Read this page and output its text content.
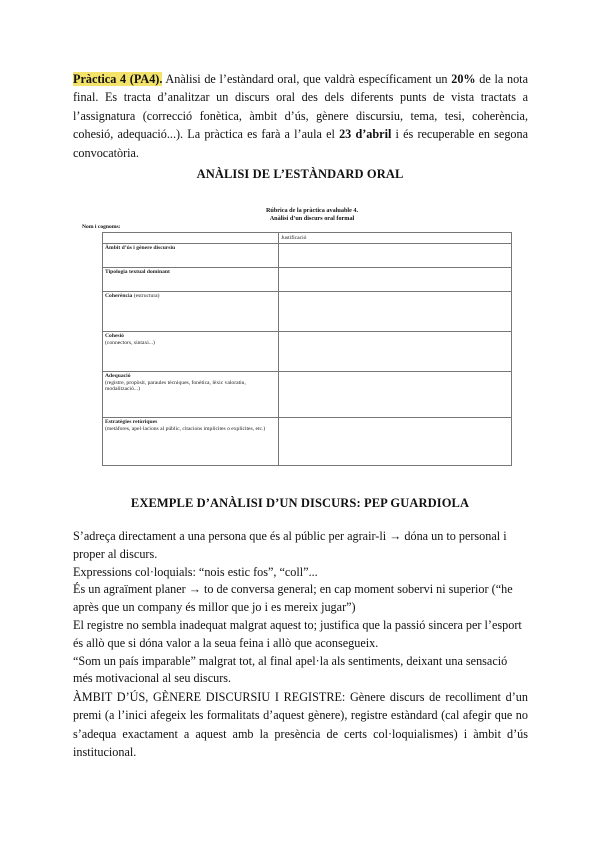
Pràctica 4 (PA4). Anàlisi de l’estàndard oral, que valdrà específicament un 20% de la nota final. Es tracta d’analitzar un discurs oral des dels diferents punts de vista tractats a l’assignatura (correcció fonètica, àmbit d’ús, gènere discursiu, tema, tesi, coherència, cohesió, adequació...). La pràctica es farà a l’aula el 23 d’abril i és recuperable en segona convocatòria.
ANÀLISI DE L’ESTÀNDARD ORAL
Rúbrica de la pràctica avaluable 4.
Anàlisi d’un discurs oral formal
Nom i cognoms:
	Justificació

Àmbit d’ús i gènere discursiu	

Tipologia textual dominant	

Coherència (estructura)	

Cohesió
(connectors, sintaxi...)	

Adequació
(registre, propòsit, paraules tècniques, fonètica, lèxic valoratiu, modalització...)	

Estratègies retòriques
(metàfores, apel·lacions al públic, citacions implícites o explícites, etc.)	
EXEMPLE D’ANÀLISI D’UN DISCURS: PEP GUARDIOLA

S’adreça directament a una persona que és al públic per agrair-li → dóna un to personal i proper al discurs.

Expressions col·loquials: “nois estic fos”, “coll”...

És un agraïment planer → to de conversa general; en cap moment sobervi ni superior (“he après que un company és millor que jo i es mereix jugar”)

El registre no sembla inadequat malgrat aquest to; justifica que la passió sincera per l’esport és allò que si dóna valor a la seua feina i allò que aconsegueix.

“Som un país imparable” malgrat tot, al final apel·la als sentiments, deixant una sensació més motivacional al seu discurs.

ÀMBIT D’ÚS, GÈNERE DISCURSIU I REGISTRE: Gènere discurs de recolliment d’un premi (a l’inici afegeix les formalitats d’aquest gènere), registre estàndard (cal afegir que no s’adequa exactament a aquest amb la presència de certs col·loquialismes) i àmbit d’ús institucional.
